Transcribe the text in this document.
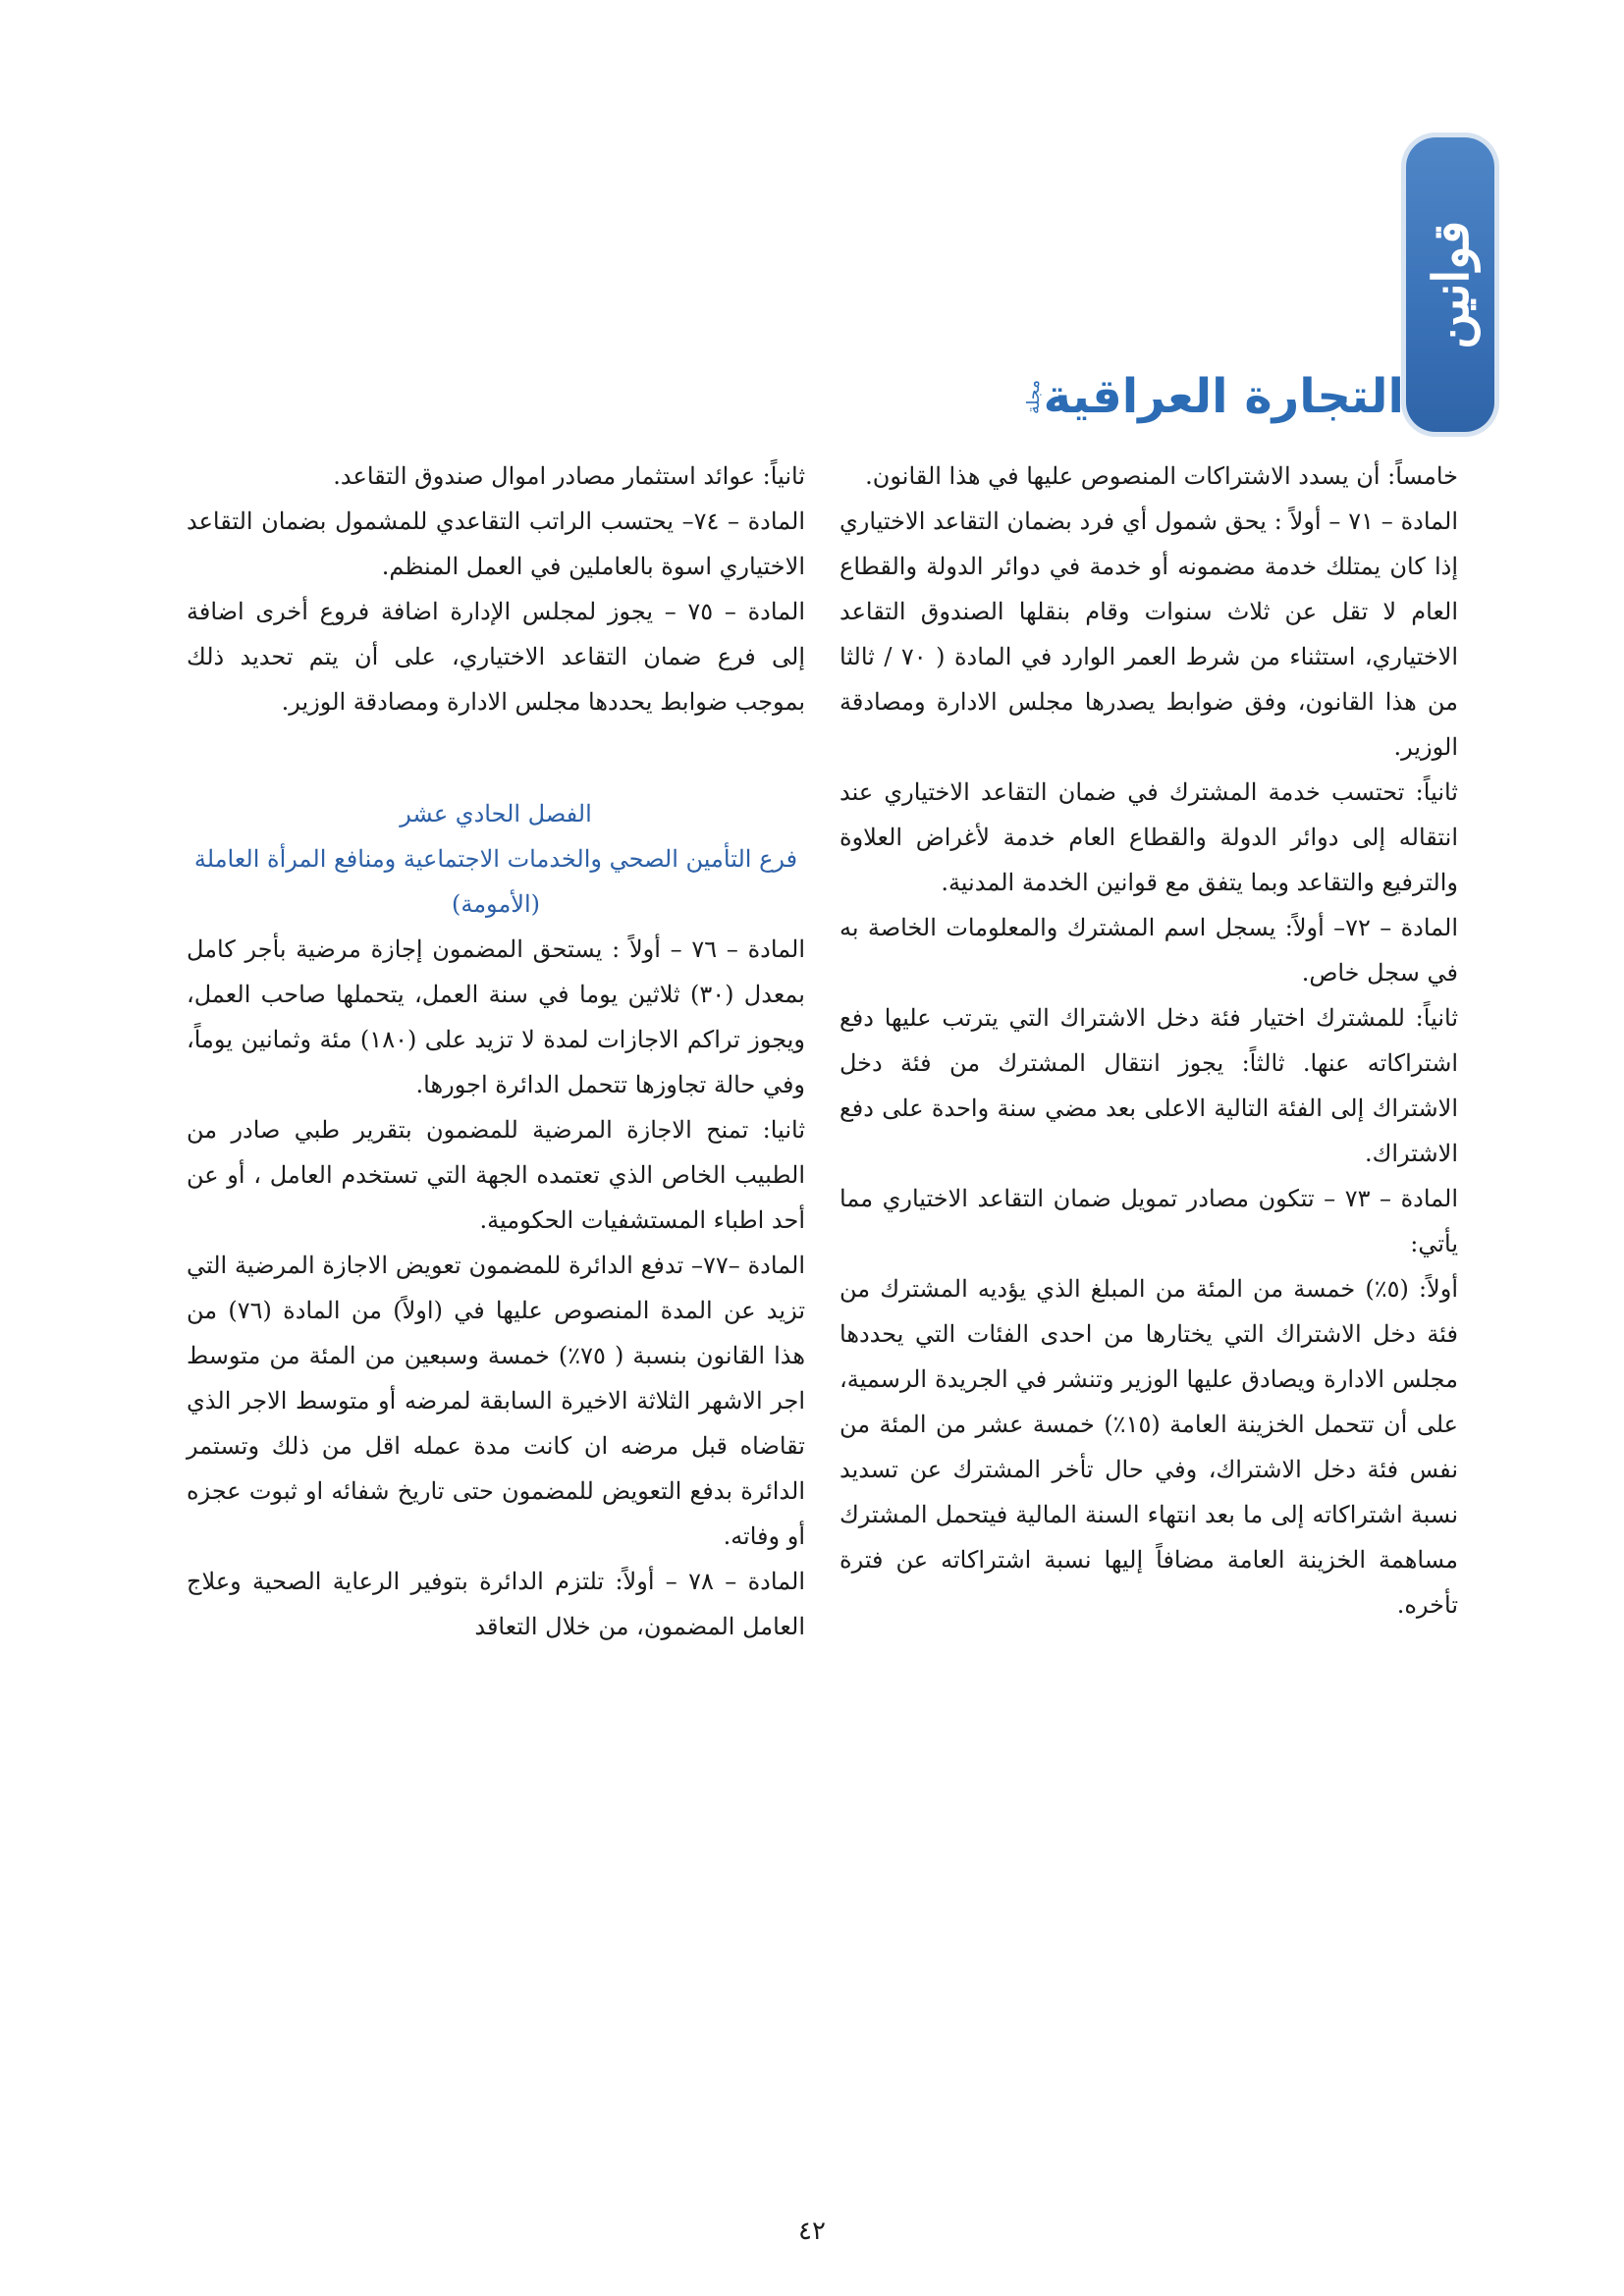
قوانين
التجارة العراقية
مجلة

خامساً: أن يسدد الاشتراكات المنصوص عليها في هذا القانون.

المادة – ٧١ – أولاً : يحق شمول أي فرد بضمان التقاعد الاختياري إذا كان يمتلك خدمة مضمونه أو خدمة في دوائر الدولة والقطاع العام لا تقل عن ثلاث سنوات وقام بنقلها الصندوق التقاعد الاختياري، استثناء من شرط العمر الوارد في المادة ( ٧٠ / ثالثا من هذا القانون، وفق ضوابط يصدرها مجلس الادارة ومصادقة الوزير.

ثانياً: تحتسب خدمة المشترك في ضمان التقاعد الاختياري عند انتقاله إلى دوائر الدولة والقطاع العام خدمة لأغراض العلاوة والترفيع والتقاعد وبما يتفق مع قوانين الخدمة المدنية.

المادة – ٧٢– أولاً: يسجل اسم المشترك والمعلومات الخاصة به في سجل خاص.

ثانياً: للمشترك اختيار فئة دخل الاشتراك التي يترتب عليها دفع اشتراكاته عنها. ثالثاً: يجوز انتقال المشترك من فئة دخل الاشتراك إلى الفئة التالية الاعلى بعد مضي سنة واحدة على دفع الاشتراك.

المادة – ٧٣ – تتكون مصادر تمويل ضمان التقاعد الاختياري مما يأتي:

أولاً: (٥٪) خمسة من المئة من المبلغ الذي يؤديه المشترك من فئة دخل الاشتراك التي يختارها من احدى الفئات التي يحددها مجلس الادارة ويصادق عليها الوزير وتنشر في الجريدة الرسمية، على أن تتحمل الخزينة العامة (١٥٪) خمسة عشر من المئة من نفس فئة دخل الاشتراك، وفي حال تأخر المشترك عن تسديد نسبة اشتراكاته إلى ما بعد انتهاء السنة المالية فيتحمل المشترك مساهمة الخزينة العامة مضافاً إليها نسبة اشتراكاته عن فترة تأخره.

ثانياً: عوائد استثمار مصادر اموال صندوق التقاعد.

المادة – ٧٤– يحتسب الراتب التقاعدي للمشمول بضمان التقاعد الاختياري اسوة بالعاملين في العمل المنظم.

المادة – ٧٥ – يجوز لمجلس الإدارة اضافة فروع أخرى اضافة إلى فرع ضمان التقاعد الاختياري، على أن يتم تحديد ذلك بموجب ضوابط يحددها مجلس الادارة ومصادقة الوزير.

الفصل الحادي عشر

فرع التأمين الصحي والخدمات الاجتماعية ومنافع المرأة العاملة (الأمومة)

المادة – ٧٦ – أولاً : يستحق المضمون إجازة مرضية بأجر كامل بمعدل (٣٠) ثلاثين يوما في سنة العمل، يتحملها صاحب العمل، ويجوز تراكم الاجازات لمدة لا تزيد على (١٨٠) مئة وثمانين يوماً، وفي حالة تجاوزها تتحمل الدائرة اجورها.

ثانيا: تمنح الاجازة المرضية للمضمون بتقرير طبي صادر من الطبيب الخاص الذي تعتمده الجهة التي تستخدم العامل ، أو عن أحد اطباء المستشفيات الحكومية.

المادة –٧٧– تدفع الدائرة للمضمون تعويض الاجازة المرضية التي تزيد عن المدة المنصوص عليها في (اولاً) من المادة (٧٦) من هذا القانون بنسبة ( ٧٥٪) خمسة وسبعين من المئة من متوسط اجر الاشهر الثلاثة الاخيرة السابقة لمرضه أو متوسط الاجر الذي تقاضاه قبل مرضه ان كانت مدة عمله اقل من ذلك وتستمر الدائرة بدفع التعويض للمضمون حتى تاريخ شفائه او ثبوت عجزه أو وفاته.

المادة – ٧٨ – أولاً: تلتزم الدائرة بتوفير الرعاية الصحية وعلاج العامل المضمون، من خلال التعاقد

٤٢
